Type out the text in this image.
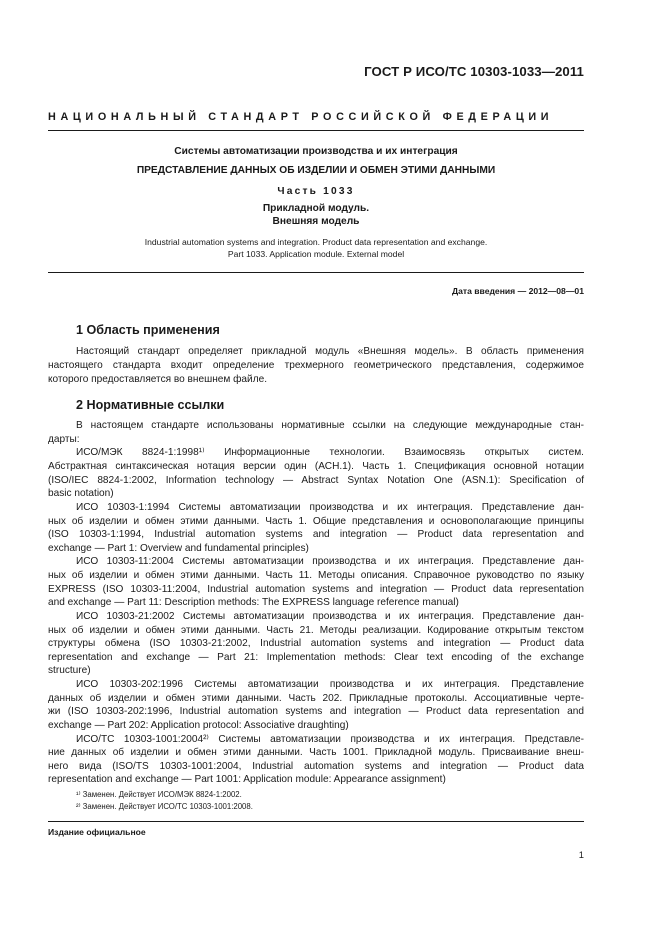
ГОСТ Р ИСО/ТС 10303-1033—2011
НАЦИОНАЛЬНЫЙ СТАНДАРТ РОССИЙСКОЙ ФЕДЕРАЦИИ
Системы автоматизации производства и их интеграция
ПРЕДСТАВЛЕНИЕ ДАННЫХ ОБ ИЗДЕЛИИ И ОБМЕН ЭТИМИ ДАННЫМИ
Часть 1033
Прикладной модуль.
Внешняя модель
Industrial automation systems and integration. Product data representation and exchange.
Part 1033. Application module. External model
Дата введения — 2012—08—01
1 Область применения
Настоящий стандарт определяет прикладной модуль «Внешняя модель». В область применения
настоящего стандарта входит определение трехмерного геометрического представления, содержимое
которого предоставляется во внешнем файле.
2 Нормативные ссылки
В настоящем стандарте использованы нормативные ссылки на следующие международные стан-
дарты:
ИСО/МЭК 8824-1:1998¹⁾ Информационные технологии. Взаимосвязь открытых систем.
Абстрактная синтаксическая нотация версии один (АСН.1). Часть 1. Спецификация основной нотации
(ISO/IEC 8824-1:2002, Information technology — Abstract Syntax Notation One (ASN.1): Specification of
basic notation)
ИСО 10303-1:1994 Системы автоматизации производства и их интеграция. Представление дан-
ных об изделии и обмен этими данными. Часть 1. Общие представления и основополагающие принципы
(ISO 10303-1:1994, Industrial automation systems and integration — Product data representation and
exchange — Part 1: Overview and fundamental principles)
ИСО 10303-11:2004 Системы автоматизации производства и их интеграция. Представление дан-
ных об изделии и обмен этими данными. Часть 11. Методы описания. Справочное руководство по языку
EXPRESS (ISO 10303-11:2004, Industrial automation systems and integration — Product data representation
and exchange — Part 11: Description methods: The EXPRESS language reference manual)
ИСО 10303-21:2002 Системы автоматизации производства и их интеграция. Представление дан-
ных об изделии и обмен этими данными. Часть 21. Методы реализации. Кодирование открытым текстом
структуры обмена (ISO 10303-21:2002, Industrial automation systems and integration — Product data
representation and exchange — Part 21: Implementation methods: Clear text encoding of the exchange
structure)
ИСО 10303-202:1996 Системы автоматизации производства и их интеграция. Представление
данных об изделии и обмен этими данными. Часть 202. Прикладные протоколы. Ассоциативные черте-
жи (ISO 10303-202:1996, Industrial automation systems and integration — Product data representation and
exchange — Part 202: Application protocol: Associative draughting)
ИСО/ТС 10303-1001:2004²⁾ Системы автоматизации производства и их интеграция. Представле-
ние данных об изделии и обмен этими данными. Часть 1001. Прикладной модуль. Присваивание внеш-
него вида (ISO/TS 10303-1001:2004, Industrial automation systems and integration — Product data
representation and exchange — Part 1001: Application module: Appearance assignment)
¹⁾ Заменен. Действует ИСО/МЭК 8824-1:2002.
²⁾ Заменен. Действует ИСО/ТС 10303-1001:2008.
Издание официальное
1
